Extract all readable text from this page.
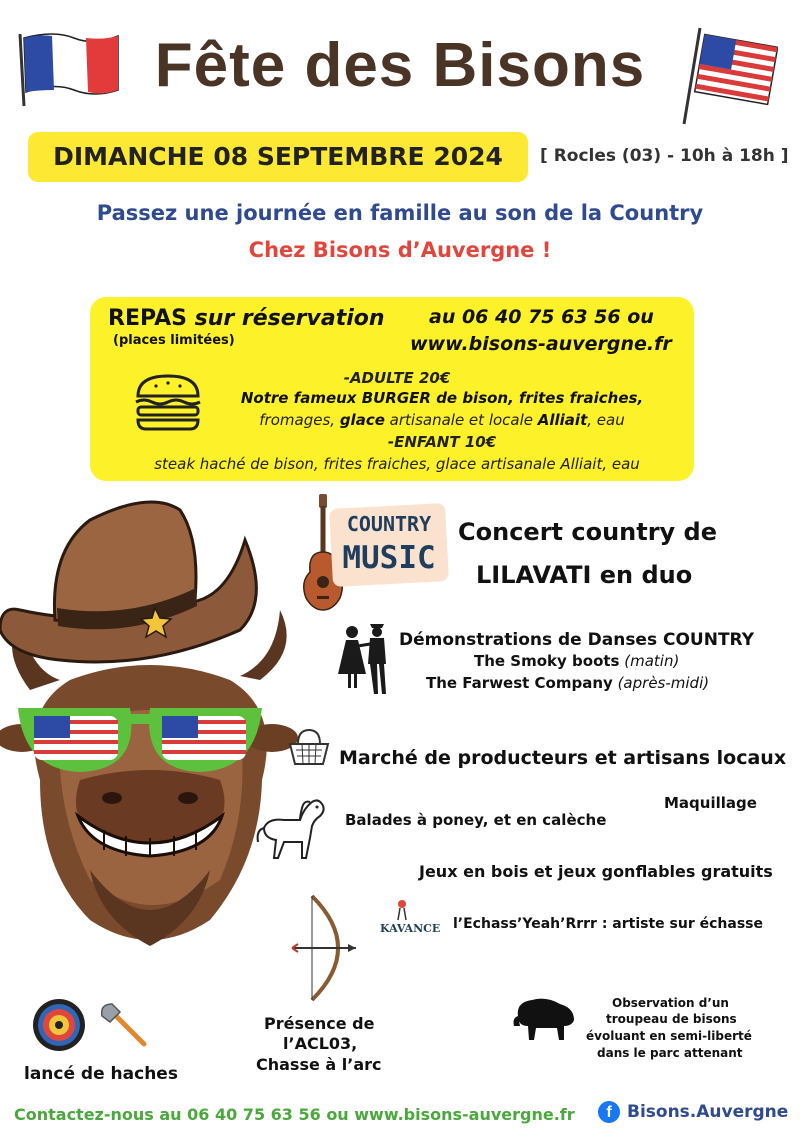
Fête des Bisons
DIMANCHE 08 SEPTEMBRE 2024	[ Rocles (03) - 10h à 18h ]
Passez une journée en famille au son de la Country
Chez Bisons d’Auvergne !
REPAS sur réservation
(places limitées)
au 06 40 75 63 56 ou
www.bisons-auvergne.fr
-ADULTE 20€
Notre fameux BURGER de bison, frites fraiches,
fromages, glace artisanale et locale Alliait, eau
-ENFANT 10€
steak haché de bison, frites fraiches, glace artisanale Alliait, eau
COUNTRY
MUSIC
Concert country de
LILAVATI en duo
Démonstrations de Danses COUNTRY
The Smoky boots (matin)
The Farwest Company (après-midi)
Marché de producteurs et artisans locaux
Maquillage
Balades à poney, et en calèche
Jeux en bois et jeux gonflables gratuits
Présence de
l’ACL03,
Chasse à l’arc
KAVANCE l’Echass’Yeah’Rrrr : artiste sur échasse
lancé de haches
Observation d’un
troupeau de bisons
évoluant en semi-liberté
dans le parc attenant
Contactez-nous au 06 40 75 63 56 ou www.bisons-auvergne.fr	f Bisons.Auvergne
